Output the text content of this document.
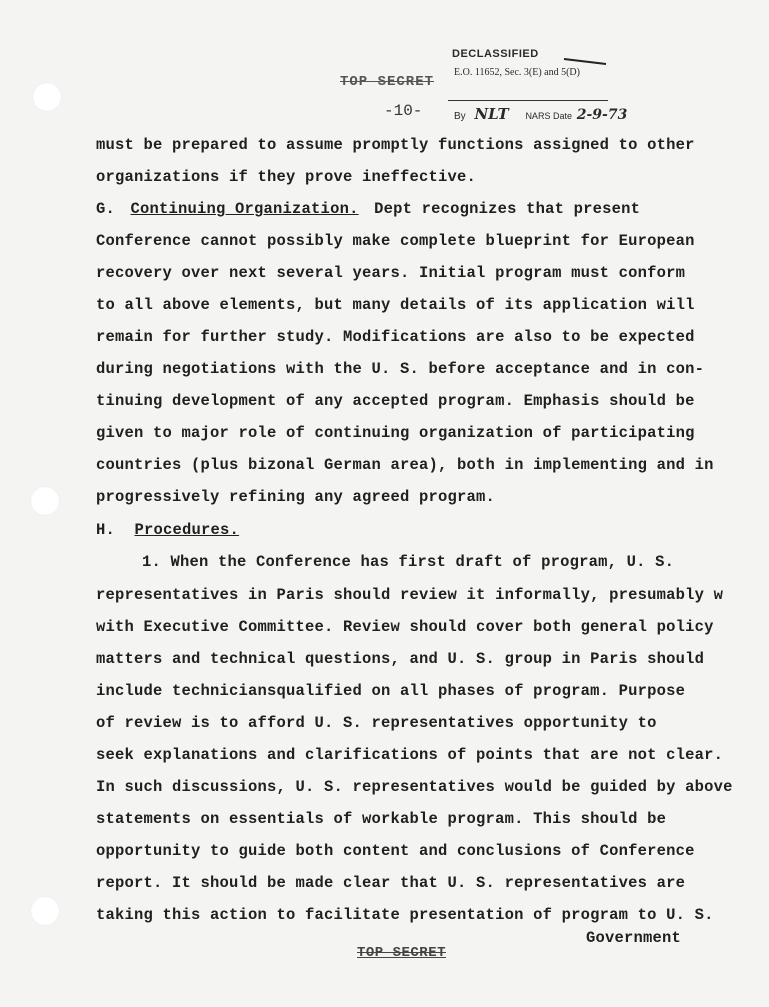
DECLASSIFIED
E.O. 11652, Sec. 3(E) and 5(D)
By NLT NARS Date 2-9-73
TOP SECRET
-10-
must be prepared to assume promptly functions assigned to other
organizations if they prove ineffective.
G. Continuing Organization. Dept recognizes that present
Conference cannot possibly make complete blueprint for European
recovery over next several years. Initial program must conform
to all above elements, but many details of its application will
remain for further study. Modifications are also to be expected
during negotiations with the U. S. before acceptance and in con-
tinuing development of any accepted program. Emphasis should be
given to major role of continuing organization of participating
countries (plus bizonal German area), both in implementing and in
progressively refining any agreed program.
H. Procedures.
1. When the Conference has first draft of program, U. S.
representatives in Paris should review it informally, presumably w
with Executive Committee. Review should cover both general policy
matters and technical questions, and U. S. group in Paris should
include techniciansqualified on all phases of program. Purpose
of review is to afford U. S. representatives opportunity to
seek explanations and clarifications of points that are not clear.
In such discussions, U. S. representatives would be guided by above
statements on essentials of workable program. This should be
opportunity to guide both content and conclusions of Conference
report. It should be made clear that U. S. representatives are
taking this action to facilitate presentation of program to U. S.
Government
TOP SECRET
